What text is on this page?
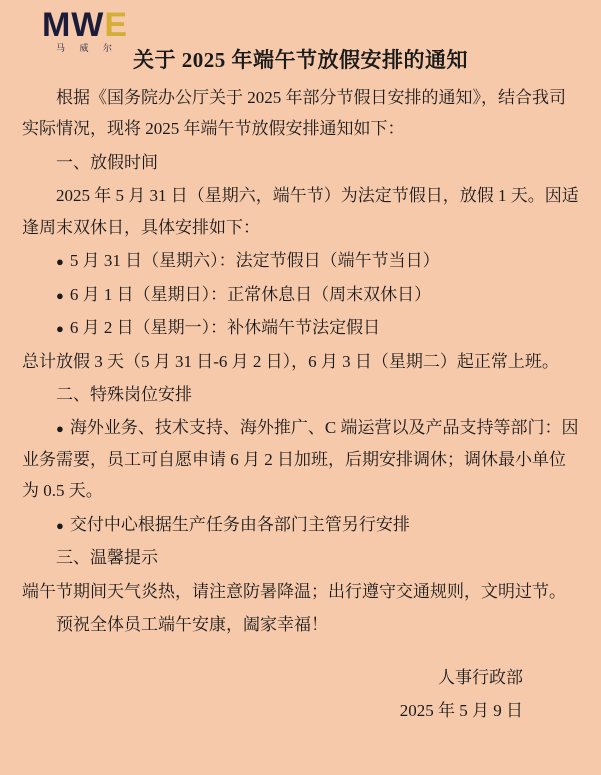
MWE
马 威 尔 关于 2025 年端午节放假安排的通知

根据《国务院办公厅关于 2025 年部分节假日安排的通知》，结合我司实际情况，现将 2025 年端午节放假安排通知如下：

一、放假时间

2025 年 5 月 31 日（星期六，端午节）为法定节假日，放假 1 天。因适逢周末双休日，具体安排如下：

● 5 月 31 日（星期六）：法定节假日（端午节当日）

● 6 月 1 日（星期日）：正常休息日（周末双休日）

● 6 月 2 日（星期一）：补休端午节法定假日

总计放假 3 天（5 月 31 日-6 月 2 日），6 月 3 日（星期二）起正常上班。

二、特殊岗位安排

● 海外业务、技术支持、海外推广、C 端运营以及产品支持等部门：因业务需要，员工可自愿申请 6 月 2 日加班，后期安排调休；调休最小单位为 0.5 天。

● 交付中心根据生产任务由各部门主管另行安排

三、温馨提示

端午节期间天气炎热，请注意防暑降温；出行遵守交通规则，文明过节。

预祝全体员工端午安康，阖家幸福！

人事行政部
2025 年 5 月 9 日
